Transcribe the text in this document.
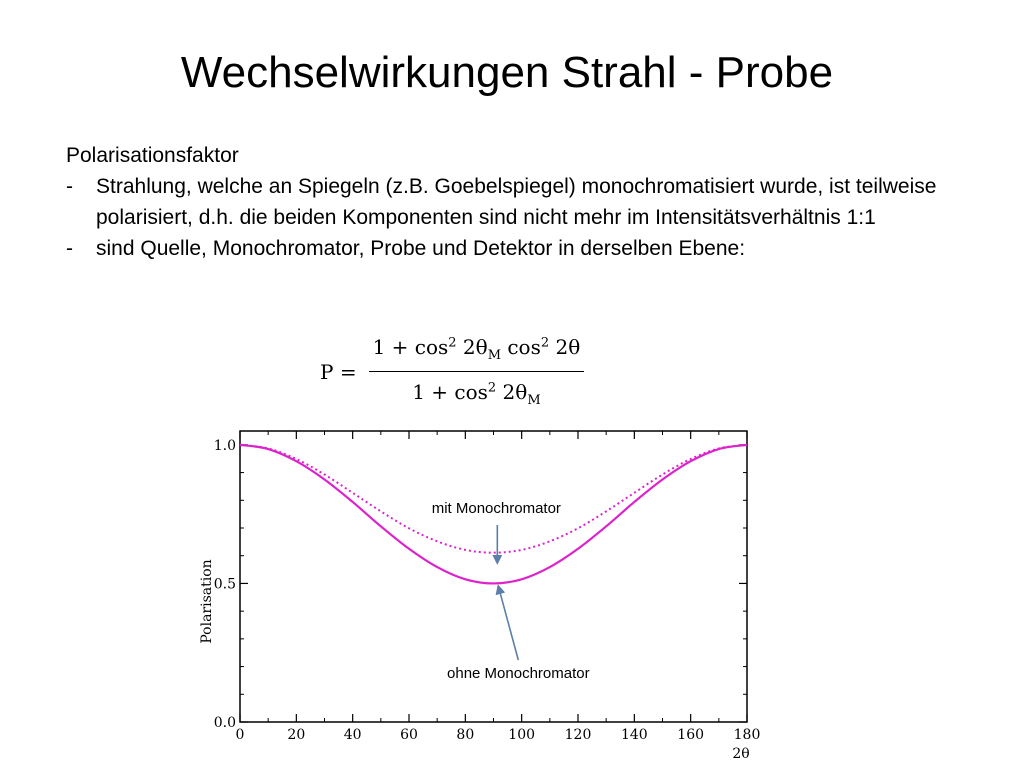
Wechselwirkungen Strahl - Probe
Polarisationsfaktor
- Strahlung, welche an Spiegeln (z.B. Goebelspiegel) monochromatisiert wurde, ist teilweise polarisiert, d.h. die beiden Komponenten sind nicht mehr im Intensitätsverhältnis 1:1
- sind Quelle, Monochromator, Probe und Detektor in derselben Ebene:
$P = \frac{1 + \cos^2 2\theta_M \cos^2 2\theta}{1 + \cos^2 2\theta_M}$
0	20	40	60	80 100 120 140 160 180
0.0
0.5
1.0
2θ
Polarisation
mit Monochromator
ohne Monochromator
